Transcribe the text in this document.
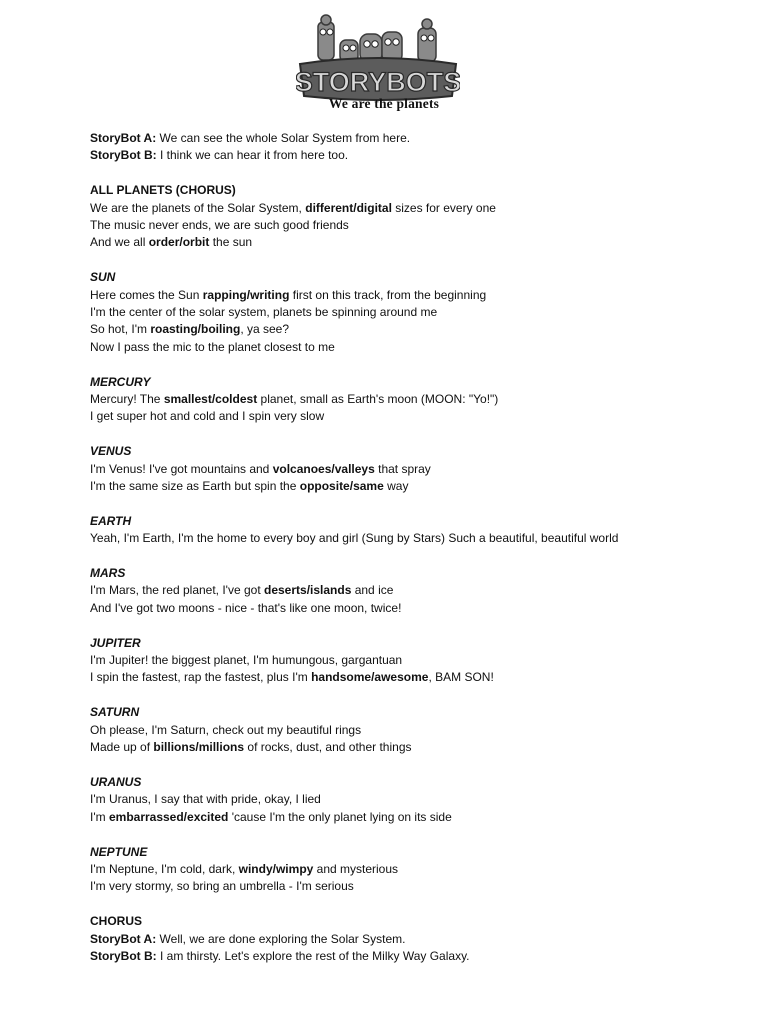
STORYBOTS
We are the planets
StoryBot A: We can see the whole Solar System from here.
StoryBot B: I think we can hear it from here too.
ALL PLANETS (CHORUS)
We are the planets of the Solar System, different/digital sizes for every one
The music never ends, we are such good friends
And we all order/orbit the sun
SUN
Here comes the Sun rapping/writing first on this track, from the beginning
I'm the center of the solar system, planets be spinning around me
So hot, I'm roasting/boiling, ya see?
Now I pass the mic to the planet closest to me
MERCURY
Mercury! The smallest/coldest planet, small as Earth's moon (MOON: "Yo!")
I get super hot and cold and I spin very slow
VENUS
I'm Venus! I've got mountains and volcanoes/valleys that spray
I'm the same size as Earth but spin the opposite/same way
EARTH
Yeah, I'm Earth, I'm the home to every boy and girl (Sung by Stars) Such a beautiful, beautiful world
MARS
I'm Mars, the red planet, I've got deserts/islands and ice
And I've got two moons - nice - that's like one moon, twice!
JUPITER
I'm Jupiter! the biggest planet, I'm humungous, gargantuan
I spin the fastest, rap the fastest, plus I'm handsome/awesome, BAM SON!
SATURN
Oh please, I'm Saturn, check out my beautiful rings
Made up of billions/millions of rocks, dust, and other things
URANUS
I'm Uranus, I say that with pride, okay, I lied
I'm embarrassed/excited 'cause I'm the only planet lying on its side
NEPTUNE
I'm Neptune, I'm cold, dark, windy/wimpy and mysterious
I'm very stormy, so bring an umbrella - I'm serious
CHORUS
StoryBot A: Well, we are done exploring the Solar System.
StoryBot B: I am thirsty. Let's explore the rest of the Milky Way Galaxy.
